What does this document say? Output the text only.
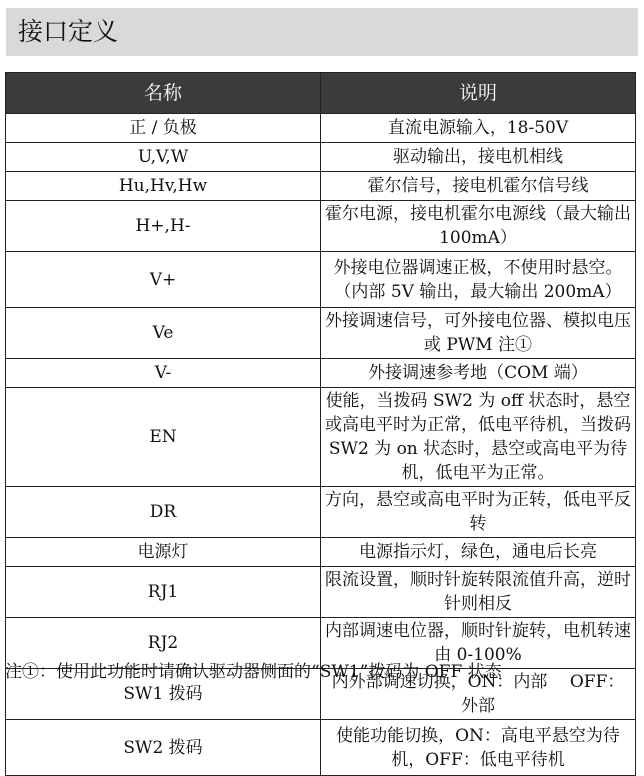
接口定义
名称	说明
正 / 负极	直流电源输入，18-50V
U,V,W	驱动输出，接电机相线
Hu,Hv,Hw	霍尔信号，接电机霍尔信号线
H+,H-	霍尔电源，接电机霍尔电源线（最大输出 100mA）
V+	外接电位器调速正极，不使用时悬空。（内部 5V 输出，最大输出 200mA）
Ve	外接调速信号，可外接电位器、模拟电压或 PWM 注①
V-	外接调速参考地（COM 端）
EN	使能，当拨码 SW2 为 off 状态时，悬空或高电平时为正常，低电平待机，当拨码 SW2 为 on 状态时，悬空或高电平为待机，低电平为正常。
DR	方向，悬空或高电平时为正转，低电平反转
电源灯	电源指示灯，绿色，通电后长亮
RJ1	限流设置，顺时针旋转限流值升高，逆时针则相反
RJ2	内部调速电位器，顺时针旋转，电机转速由 0-100%
SW1 拨码	内外部调速切换，ON：内部　 OFF：外部
SW2 拨码	使能功能切换，ON：高电平悬空为待机，OFF：低电平待机
注①：使用此功能时请确认驱动器侧面的“SW1”拨码为 OFF 状态
